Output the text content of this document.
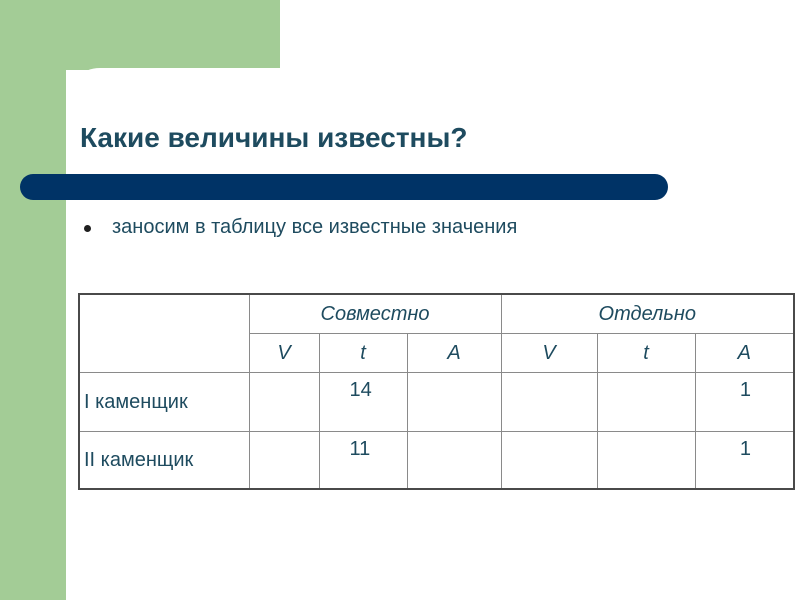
Какие величины известны?
заносим в таблицу все известные значения
	Совместно			Отдельно		
	V	t	A	V	t	A
I каменщик		14				1
II каменщик		11				1
